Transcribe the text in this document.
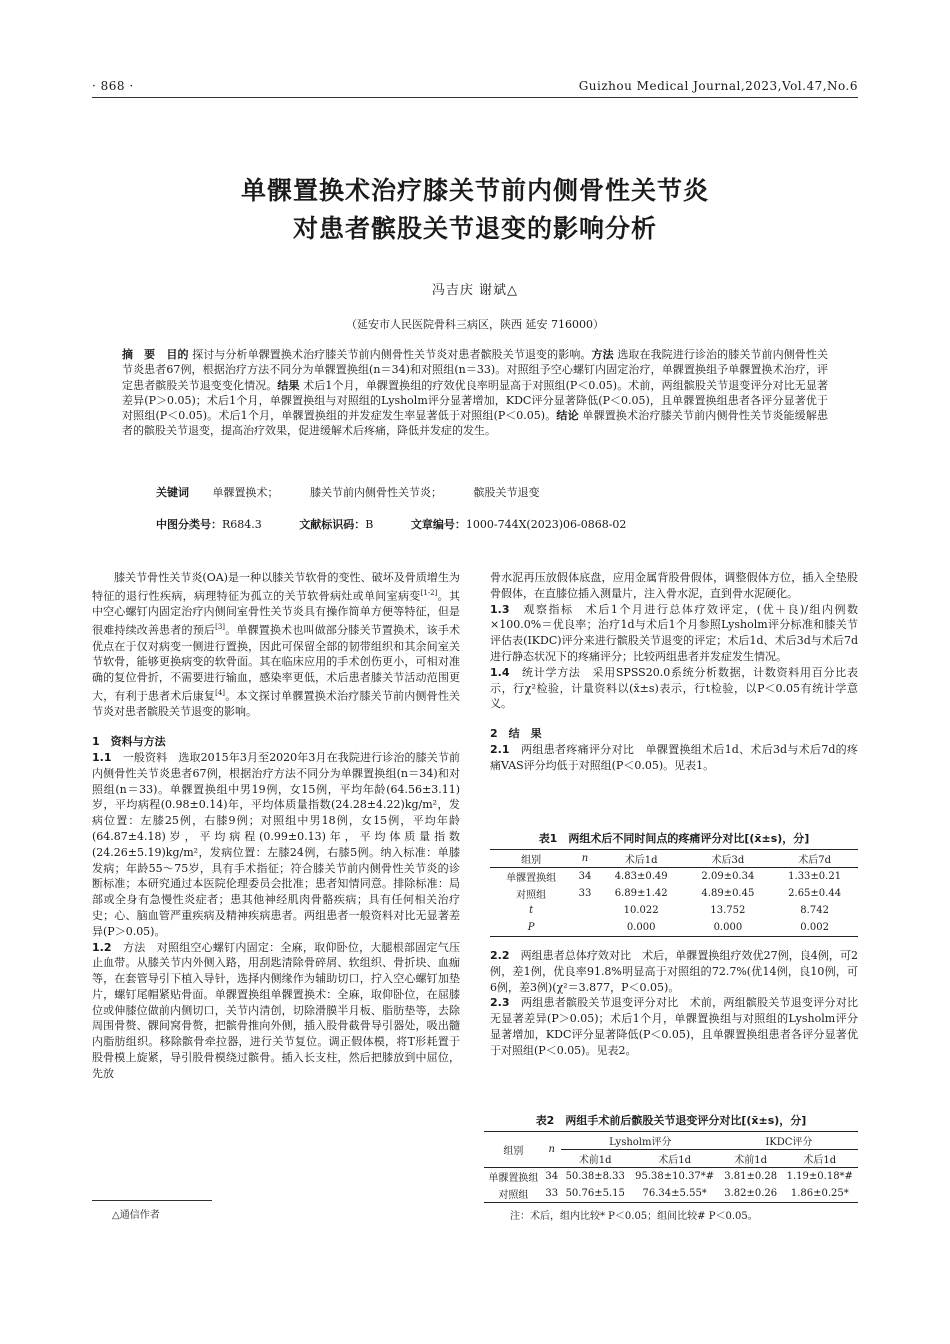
· 868 ·	Guizhou Medical Journal,2023,Vol.47,No.6
单髁置换术治疗膝关节前内侧骨性关节炎
对患者髌股关节退变的影响分析
冯吉庆 谢斌△
（延安市人民医院骨科三病区，陕西 延安 716000）
摘　要　 目的 探讨与分析单髁置换术治疗膝关节前内侧骨性关节炎对患者髌股关节退变的影响。方法 选取在我院进行诊治的膝关节前内侧骨性关节炎患者67例，根据治疗方法不同分为单髁置换组(n＝34)和对照组(n＝33)。对照组予空心螺钉内固定治疗，单髁置换组予单髁置换术治疗，评定患者髌股关节退变变化情况。结果 术后1个月，单髁置换组的疗效优良率明显高于对照组(P＜0.05)。术前，两组髌股关节退变评分对比无显著差异(P＞0.05)；术后1个月，单髁置换组与对照组的Lysholm评分显著增加，KDC评分显著降低(P＜0.05)，且单髁置换组患者各评分显著优于对照组(P＜0.05)。术后1个月，单髁置换组的并发症发生率显著低于对照组(P＜0.05)。结论 单髁置换术治疗膝关节前内侧骨性关节炎能缓解患者的髌股关节退变，提高治疗效果，促进缓解术后疼痛，降低并发症的发生。
关键词 单髁置换术；	膝关节前内侧骨性关节炎；	髌股关节退变
中图分类号：R684.3	文献标识码：B	文章编号：1000-744X(2023)06-0868-02

膝关节骨性关节炎(OA)是一种以膝关节软骨的变性、破坏及骨质增生为特征的退行性疾病，病理特征为孤立的关节软骨病灶或单间室病变[1-2]。其中空心螺钉内固定治疗内侧间室骨性关节炎具有操作简单方便等特征，但是很难持续改善患者的预后[3]。单髁置换术也叫做部分膝关节置换术，该手术优点在于仅对病变一侧进行置换，因此可保留全部的韧带组织和其余间室关节软骨，能够更换病变的软骨面。其在临床应用的手术创伤更小，可相对准确的复位骨折，不需要进行输血，感染率更低，术后患者膝关节活动范围更大，有利于患者术后康复[4]。本文探讨单髁置换术治疗膝关节前内侧骨性关节炎对患者髌股关节退变的影响。

1　资料与方法

1.1　一般资料　选取2015年3月至2020年3月在我院进行诊治的膝关节前内侧骨性关节炎患者67例，根据治疗方法不同分为单髁置换组(n＝34)和对照组(n＝33)。单髁置换组中男19例，女15例，平均年龄(64.56±3.11)岁，平均病程(0.98±0.14)年，平均体质量指数(24.28±4.22)kg/m²，发病位置：左膝25例，右膝9例；对照组中男18例，女15例，平均年龄(64.87±4.18)岁，平均病程(0.99±0.13)年，平均体质量指数(24.26±5.19)kg/m²，发病位置：左膝24例，右膝5例。纳入标准：单膝发病；年龄55～75岁，具有手术指征；符合膝关节前内侧骨性关节炎的诊断标准；本研究通过本医院伦理委员会批准；患者知情同意。排除标准：局部或全身有急慢性炎症者；患其他神经肌肉骨骼疾病；具有任何相关治疗史；心、脑血管严重疾病及精神疾病患者。两组患者一般资料对比无显著差异(P＞0.05)。

1.2　方法　对照组空心螺钉内固定：全麻，取仰卧位，大腿根部固定气压止血带。从膝关节内外侧入路，用刮匙清除骨碎屑、软组织、骨折块、血痂等，在套管导引下植入导针，选择内侧缘作为辅助切口，拧入空心螺钉加垫片，螺钉尾帽紧贴骨面。单髁置换组单髁置换术：全麻，取仰卧位，在屈膝位或伸膝位做前内侧切口，关节内清创，切除滑膜半月板、脂肪垫等，去除周围骨赘、髁间窝骨赘，把髌骨推向外侧，插入股骨截骨导引器处，吸出髓内脂肪组织。移除髌骨牵拉器，进行关节复位。调正假体模，将T形耗置于股骨模上旋紧，导引股骨模绕过髌骨。插入长支柱，然后把膝放到中屈位，先放

骨水泥再压放假体底盘，应用金属背股骨假体，调整假体方位，插入全垫股骨假体，在直膝位插入测量片，注入骨水泥，直到骨水泥硬化。

1.3　观察指标　术后1个月进行总体疗效评定，(优＋良)/组内例数×100.0%＝优良率；治疗1d与术后1个月参照Lysholm评分标准和膝关节评估表(IKDC)评分来进行髌股关节退变的评定；术后1d、术后3d与术后7d进行静态状况下的疼痛评分；比较两组患者并发症发生情况。

1.4　统计学方法　采用SPSS20.0系统分析数据，计数资料用百分比表示，行χ²检验，计量资料以(x̄±s)表示，行t检验，以P＜0.05有统计学意义。

2　结　果

2.1　两组患者疼痛评分对比　单髁置换组术后1d、术后3d与术后7d的疼痛VAS评分均低于对照组(P＜0.05)。见表1。

表1　两组术后不同时间点的疼痛评分对比[(x̄±s)，分]
组别	n	术后1d	术后3d	术后7d
单髁置换组	34	4.83±0.49	2.09±0.34	1.33±0.21
对照组	33	6.89±1.42	4.89±0.45	2.65±0.44
t		10.022	13.752	8.742
P		0.000	0.000	0.002

2.2　两组患者总体疗效对比　术后，单髁置换组疗效优27例，良4例，可2例，差1例，优良率91.8%明显高于对照组的72.7%(优14例，良10例，可6例，差3例)(χ²＝3.877，P＜0.05)。

2.3　两组患者髌股关节退变评分对比　术前，两组髌股关节退变评分对比无显著差异(P＞0.05)；术后1个月，单髁置换组与对照组的Lysholm评分显著增加，KDC评分显著降低(P＜0.05)，且单髁置换组患者各评分显著优于对照组(P＜0.05)。见表2。

表2　两组手术前后髌股关节退变评分对比[(x̄±s)，分]
组别	n	Lysholm评分		IKDC评分	
		术前1d	术后1d	术前1d	术后1d
单髁置换组	34	50.38±8.33	95.38±10.37*#	3.81±0.28	1.19±0.18*#
对照组	33	50.76±5.15	76.34±5.55*	3.82±0.26	1.86±0.25*
注：术后，组内比较* P＜0.05；组间比较# P＜0.05。
△通信作者
